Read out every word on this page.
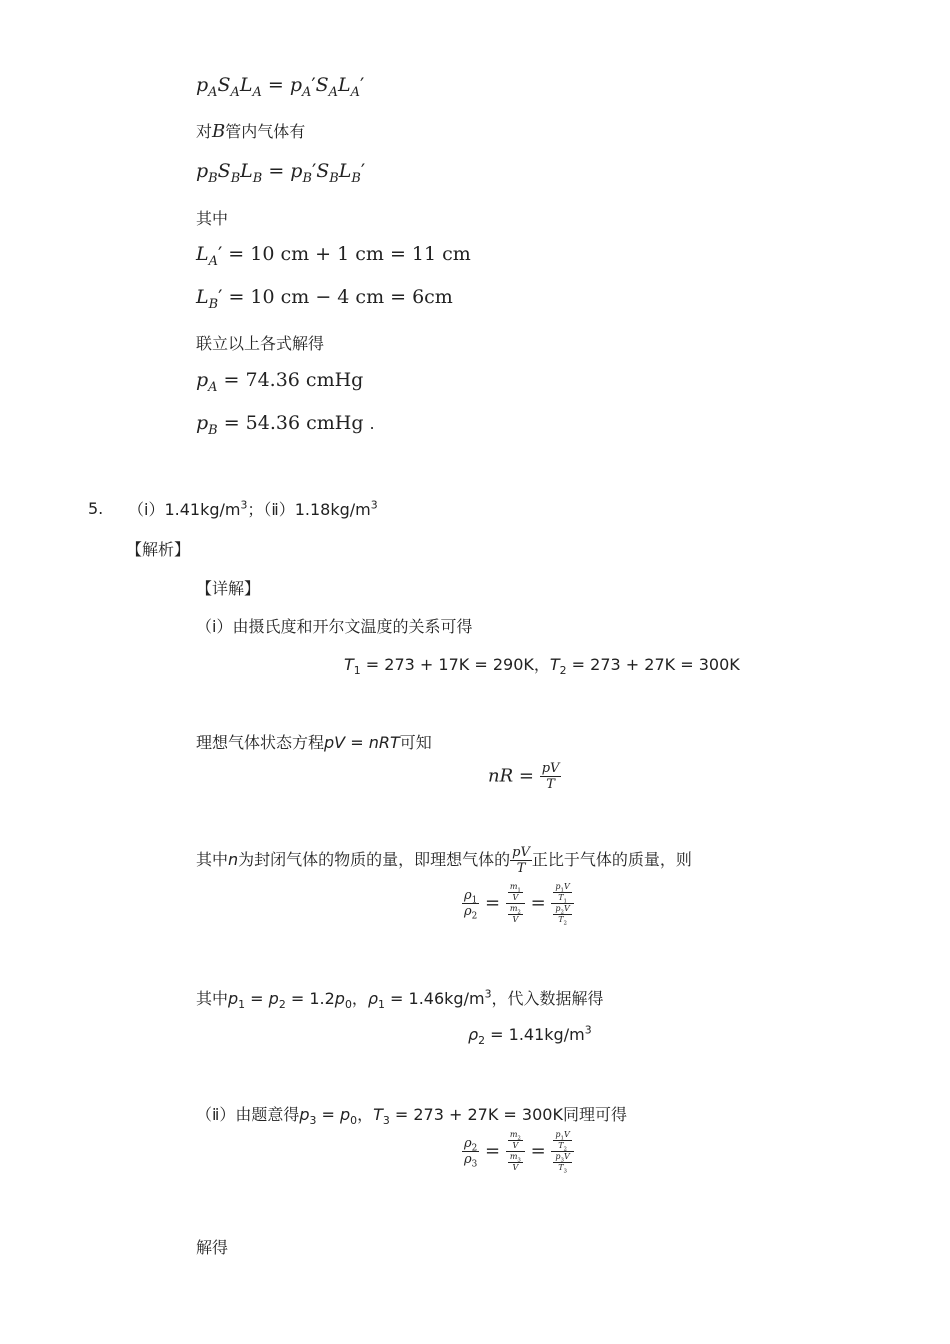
$p_AS_AL_A = p_A'S_AL_A'$
对B管内气体有
$p_BS_BL_B = p_B'S_BL_B'$
其中
$L_A' = 10$ cm + 1 cm = 11 cm
$L_B' = 10$ cm − 4 cm = 6cm
联立以上各式解得
$p_A = 74.36$ cmHg
$p_B = 54.36$ cmHg .
5. $(ⅰ)1.41kg/m^3$；$(ⅱ)1.18kg/m^3$
【解析】
【详解】
（ⅰ）由摄氏度和开尔文温度的关系可得
$T_1 = 273 + 17K = 290K$，$T_2 = 273 + 27K = 300K$
理想气体状态方程pV = nRT可知
nR = $\frac{pV}{T}$
其中n为封闭气体的物质的量，即理想气体的 $\frac{pV}{T}$ 正比于气体的质量，则
$\frac{\rho_1}{\rho_2} = \frac{\frac{m_1}{V}}{\frac{m_2}{V}} = \frac{\frac{p_1V}{T_1}}{\frac{p_2V}{T_2}}$
其中$p_1 = p_2 = 1.2p_0$，$\rho_1 = 1.46kg/m^3$，代入数据解得
$\rho_2 = 1.41kg/m^3$
（ⅱ）由题意得$p_3 = p_0$，$T_3 = 273 + 27K = 300K$同理可得
$\frac{\rho_2}{\rho_3} = \frac{\frac{m_2}{V}}{\frac{m_3}{V}} = \frac{\frac{p_1V}{T_2}}{\frac{p_3V}{T_3}}$
解得
